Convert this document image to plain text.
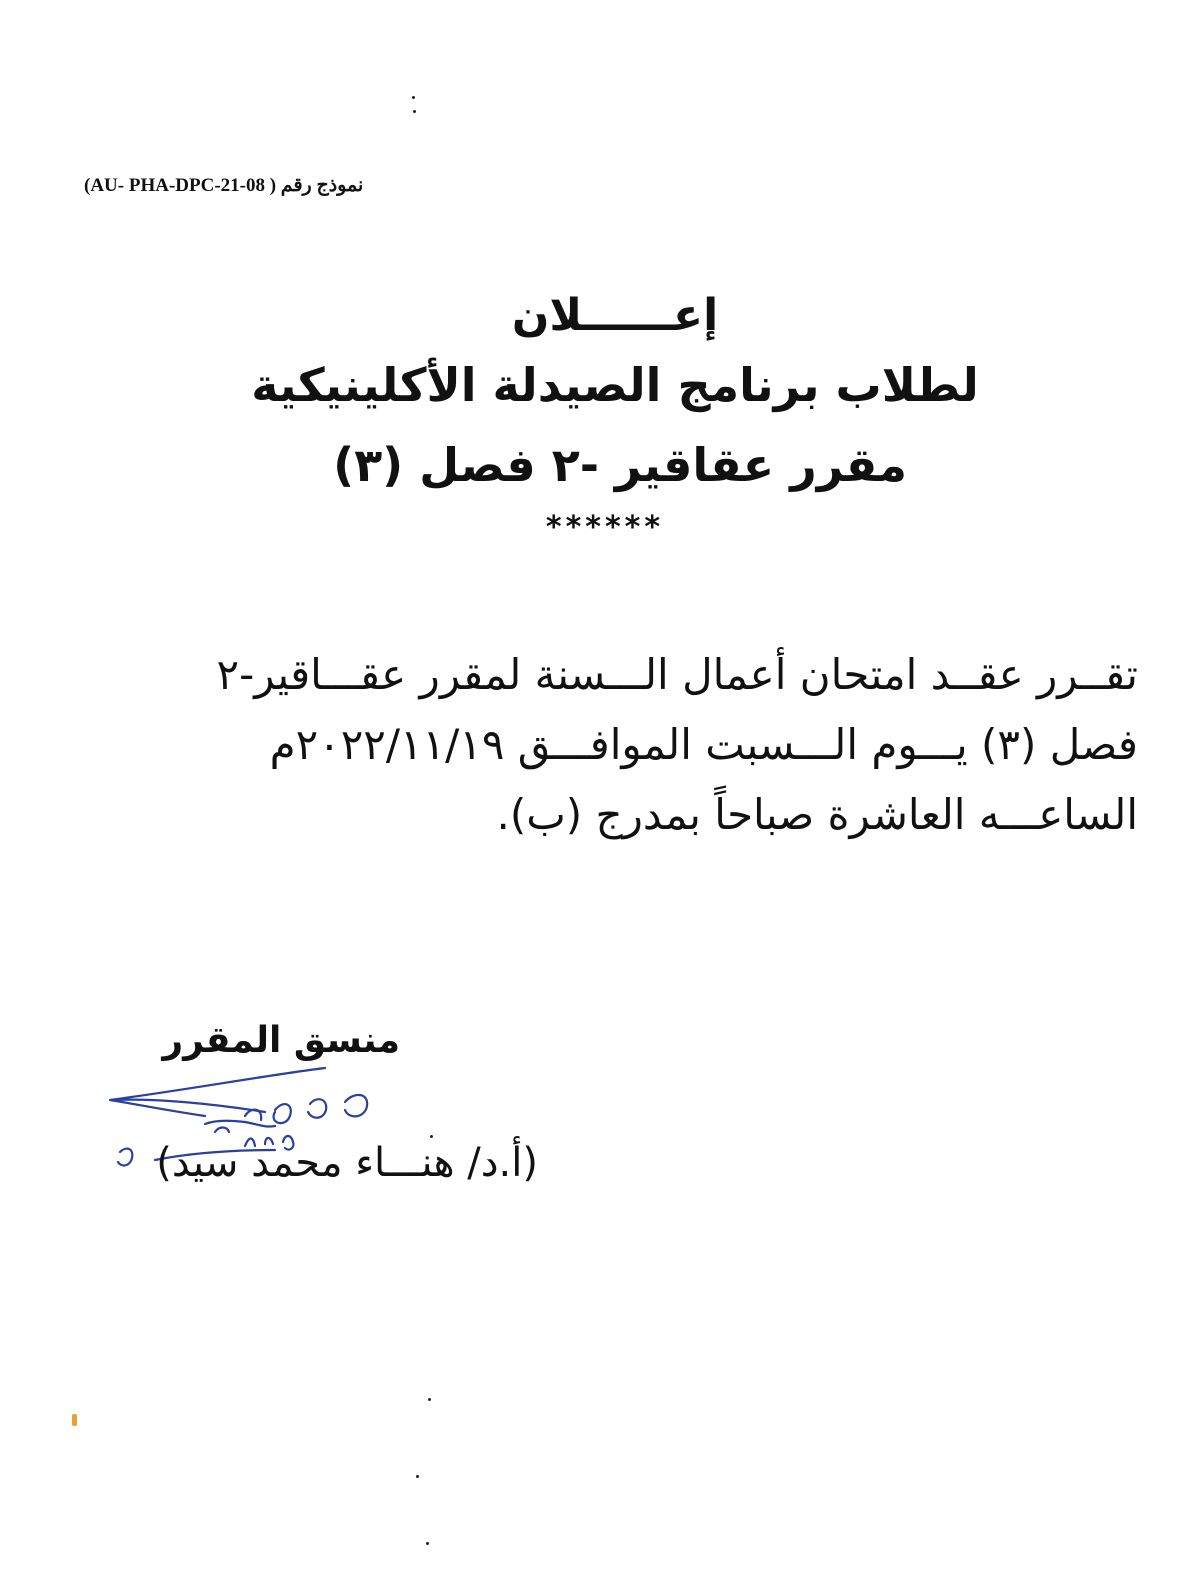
نموذج رقم ( AU- PHA-DPC-21-08)
إعــــــلان
لطلاب برنامج الصيدلة الأكلينيكية
مقرر عقاقير -٢ فصل (٣)
******
تقــرر عقــد امتحان أعمال الـــسنة لمقرر عقـــاقير-٢
فصل (٣) يـــوم الـــسبت الموافـــق ٢٠٢٢/١١/١٩م
الساعـــه العاشرة صباحاً بمدرج (ب).
منسق المقرر
(أ.د/ هنـــاء محمد سيد)
